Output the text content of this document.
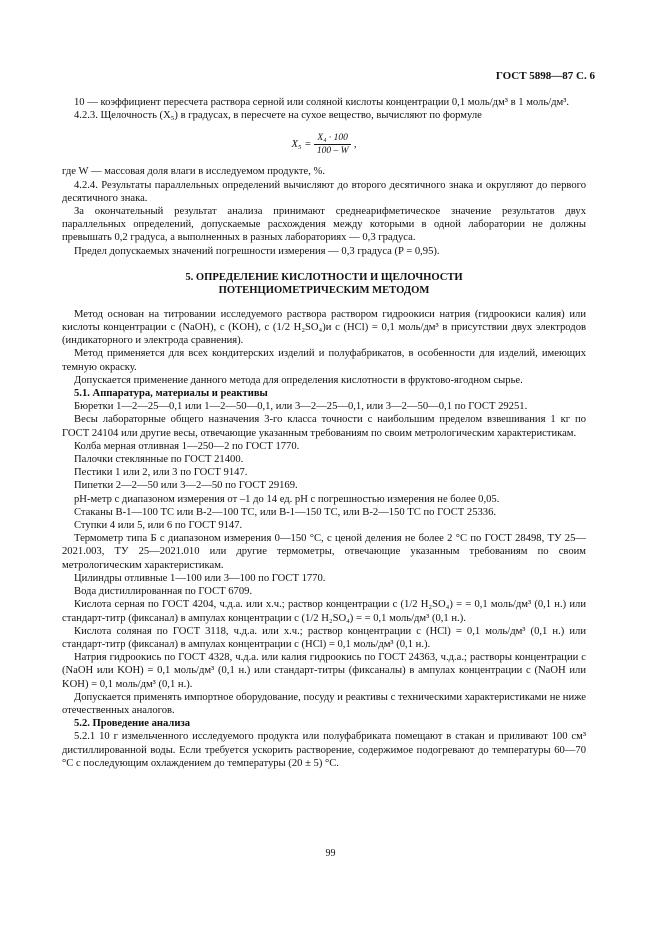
ГОСТ 5898—87 С. 6

10 — коэффициент пересчета раствора серной или соляной кислоты концентрации 0,1 моль/дм³ в 1 моль/дм³.

4.2.3. Щелочность (X₅) в градусах, в пересчете на сухое вещество, вычисляют по формуле

$X_5 = \frac{\text{X₄ · 100}}{100 - W}$ ,

где W — массовая доля влаги в исследуемом продукте, %.

4.2.4. Результаты параллельных определений вычисляют до второго десятичного знака и округляют до первого десятичного знака.

За окончательный результат анализа принимают среднеарифметическое значение результатов двух параллельных определений, допускаемые расхождения между которыми в одной лаборатории не должны превышать 0,2 градуса, а выполненных в разных лабораториях — 0,3 градуса.

Предел допускаемых значений погрешности измерения — 0,3 градуса (P = 0,95).

5. ОПРЕДЕЛЕНИЕ КИСЛОТНОСТИ И ЩЕЛОЧНОСТИ
ПОТЕНЦИОМЕТРИЧЕСКИМ МЕТОДОМ

Метод основан на титровании исследуемого раствора раствором гидроокиси натрия (гидроокиси калия) или кислоты концентрации c (NaOH), c (KOH), c (1/2 H₂SO₄)и c (HCl) = 0,1 моль/дм³ в присутствии двух электродов (индикаторного и электрода сравнения).

Метод применяется для всех кондитерских изделий и полуфабрикатов, в особенности для изделий, имеющих темную окраску.

Допускается применение данного метода для определения кислотности в фруктово-ягодном сырье.

5.1. Аппаратура, материалы и реактивы

Бюретки 1—2—25—0,1 или 1—2—50—0,1, или 3—2—25—0,1, или 3—2—50—0,1 по ГОСТ 29251.

Весы лабораторные общего назначения 3-го класса точности с наибольшим пределом взвешивания 1 кг по ГОСТ 24104 или другие весы, отвечающие указанным требованиям по своим метрологическим характеристикам.

Колба мерная отливная 1—250—2 по ГОСТ 1770.

Палочки стеклянные по ГОСТ 21400.

Пестики 1 или 2, или 3 по ГОСТ 9147.

Пипетки 2—2—50 или 3—2—50 по ГОСТ 29169.

pH-метр с диапазоном измерения от –1 до 14 ед. pH с погрешностью измерения не более 0,05.

Стаканы В-1—100 ТС или В-2—100 ТС, или В-1—150 ТС, или В-2—150 ТС по ГОСТ 25336.

Ступки 4 или 5, или 6 по ГОСТ 9147.

Термометр типа Б с диапазоном измерения 0—150 °С, с ценой деления не более 2 °С по ГОСТ 28498, ТУ 25—2021.003, ТУ 25—2021.010 или другие термометры, отвечающие указанным требованиям по своим метрологическим характеристикам.

Цилиндры отливные 1—100 или 3—100 по ГОСТ 1770.

Вода дистиллированная по ГОСТ 6709.

Кислота серная по ГОСТ 4204, ч.д.а. или х.ч.; раствор концентрации c (1/2 H₂SO₄) = = 0,1 моль/дм³ (0,1 н.) или стандарт-титр (фиксанал) в ампулах концентрации c (1/2 H₂SO₄) = = 0,1 моль/дм³ (0,1 н.).

Кислота соляная по ГОСТ 3118, ч.д.а. или х.ч.; раствор концентрации c (HCl) = 0,1 моль/дм³ (0,1 н.) или стандарт-титр (фиксанал) в ампулах концентрации c (HCl) = 0,1 моль/дм³ (0,1 н.).

Натрия гидроокись по ГОСТ 4328, ч.д.а. или калия гидроокись по ГОСТ 24363, ч.д.а.; растворы концентрации c (NaOH или KOH) = 0,1 моль/дм³ (0,1 н.) или стандарт-титры (фиксаналы) в ампулах концентрации c (NaOH или KOH) = 0,1 моль/дм³ (0,1 н.).

Допускается применять импортное оборудование, посуду и реактивы с техническими характеристиками не ниже отечественных аналогов.

5.2. Проведение анализа

5.2.1 10 г измельченного исследуемого продукта или полуфабриката помещают в стакан и приливают 100 см³ дистиллированной воды. Если требуется ускорить растворение, содержимое подогревают до температуры 60—70 °С с последующим охлаждением до температуры (20 ± 5) °С.

99
